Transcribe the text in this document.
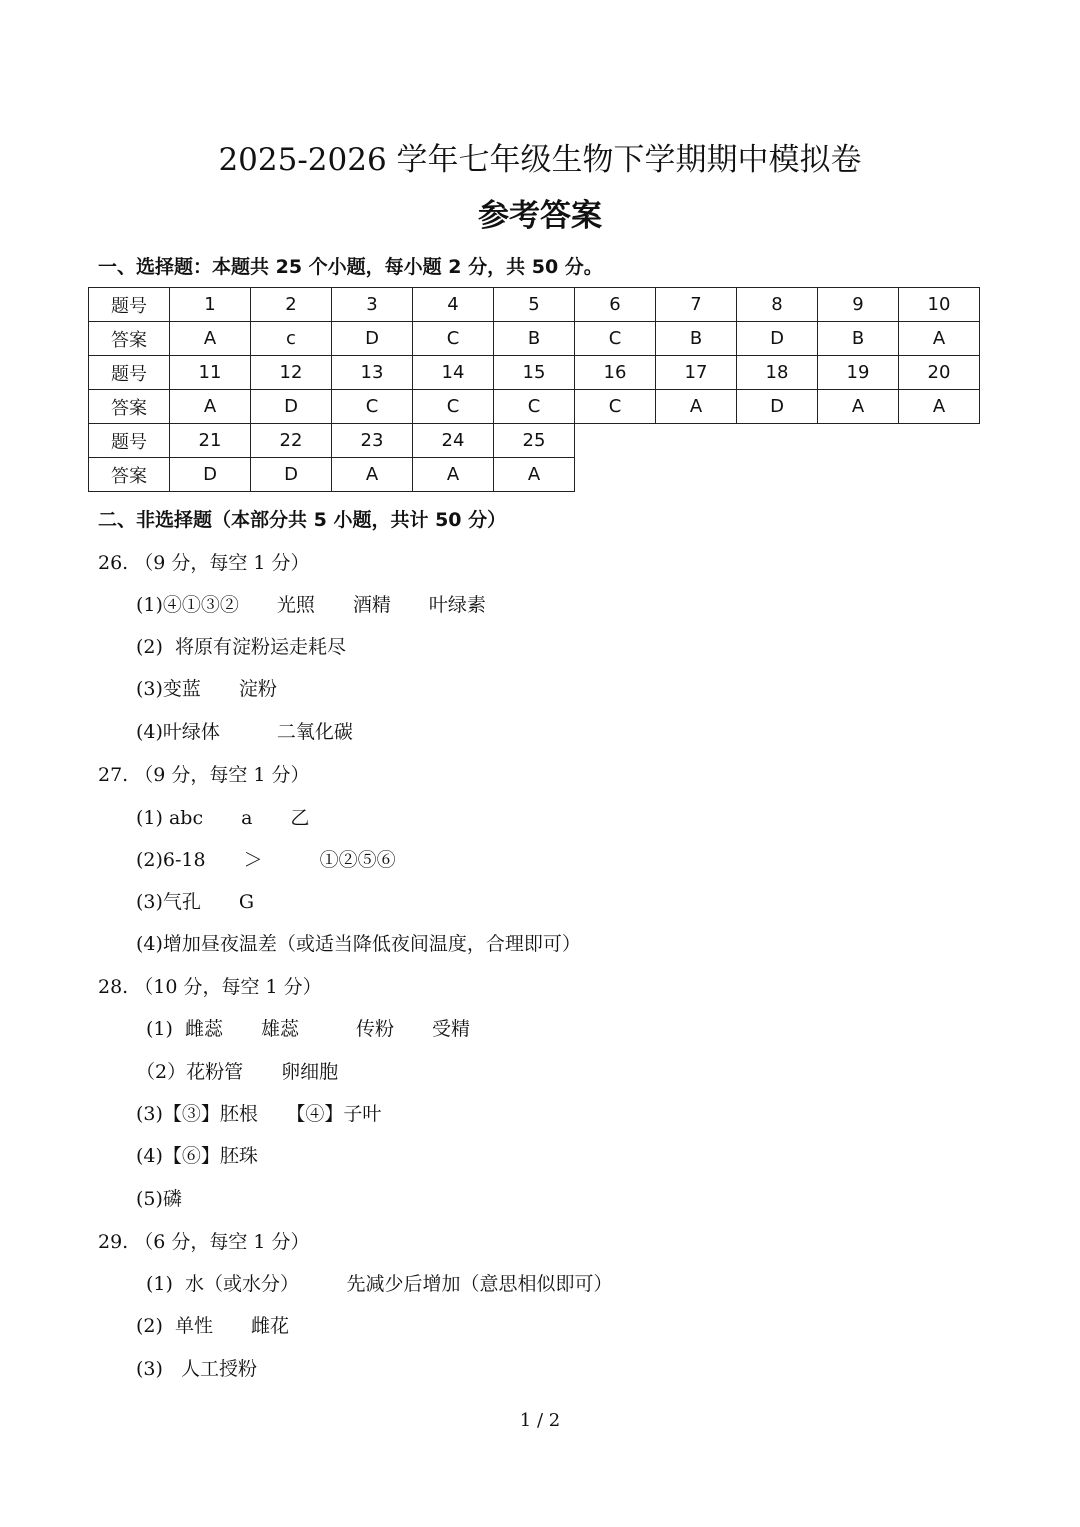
2025-2026 学年七年级生物下学期期中模拟卷
参考答案

一、选择题：本题共 25 个小题，每小题 2 分，共 50 分。

题号	1	2	3	4	5	6	7	8	9	10
答案	A	c	D	C	B	C	B	D	B	A
题号	11	12	13	14	15	16	17	18	19	20
答案	A	D	C	C	C	C	A	D	A	A
题号	21	22	23	24	25					
答案	D	D	A	A	A					

二、非选择题（本部分共 5 小题，共计 50 分）

26. （9 分，每空 1 分）

(1)④①③②　　光照　　酒精　　叶绿素

(2)  将原有淀粉运走耗尽

(3)变蓝　　淀粉

(4)叶绿体　　　二氧化碳

27. （9 分，每空 1 分）

(1) abc　　a　　乙

(2)6-18　　＞　　　①②⑤⑥

(3)气孔　　G

(4)增加昼夜温差（或适当降低夜间温度，合理即可）

28. （10 分，每空 1 分）

(1)  雌蕊　　雄蕊　　　传粉　　受精

（2）花粉管　　卵细胞

(3)【③】胚根　　【④】子叶

(4)【⑥】胚珠

(5)磷

29. （6 分，每空 1 分）

(1)  水（或水分）　　　先减少后增加（意思相似即可）

(2)  单性　　雌花

(3)   人工授粉

1 / 2
